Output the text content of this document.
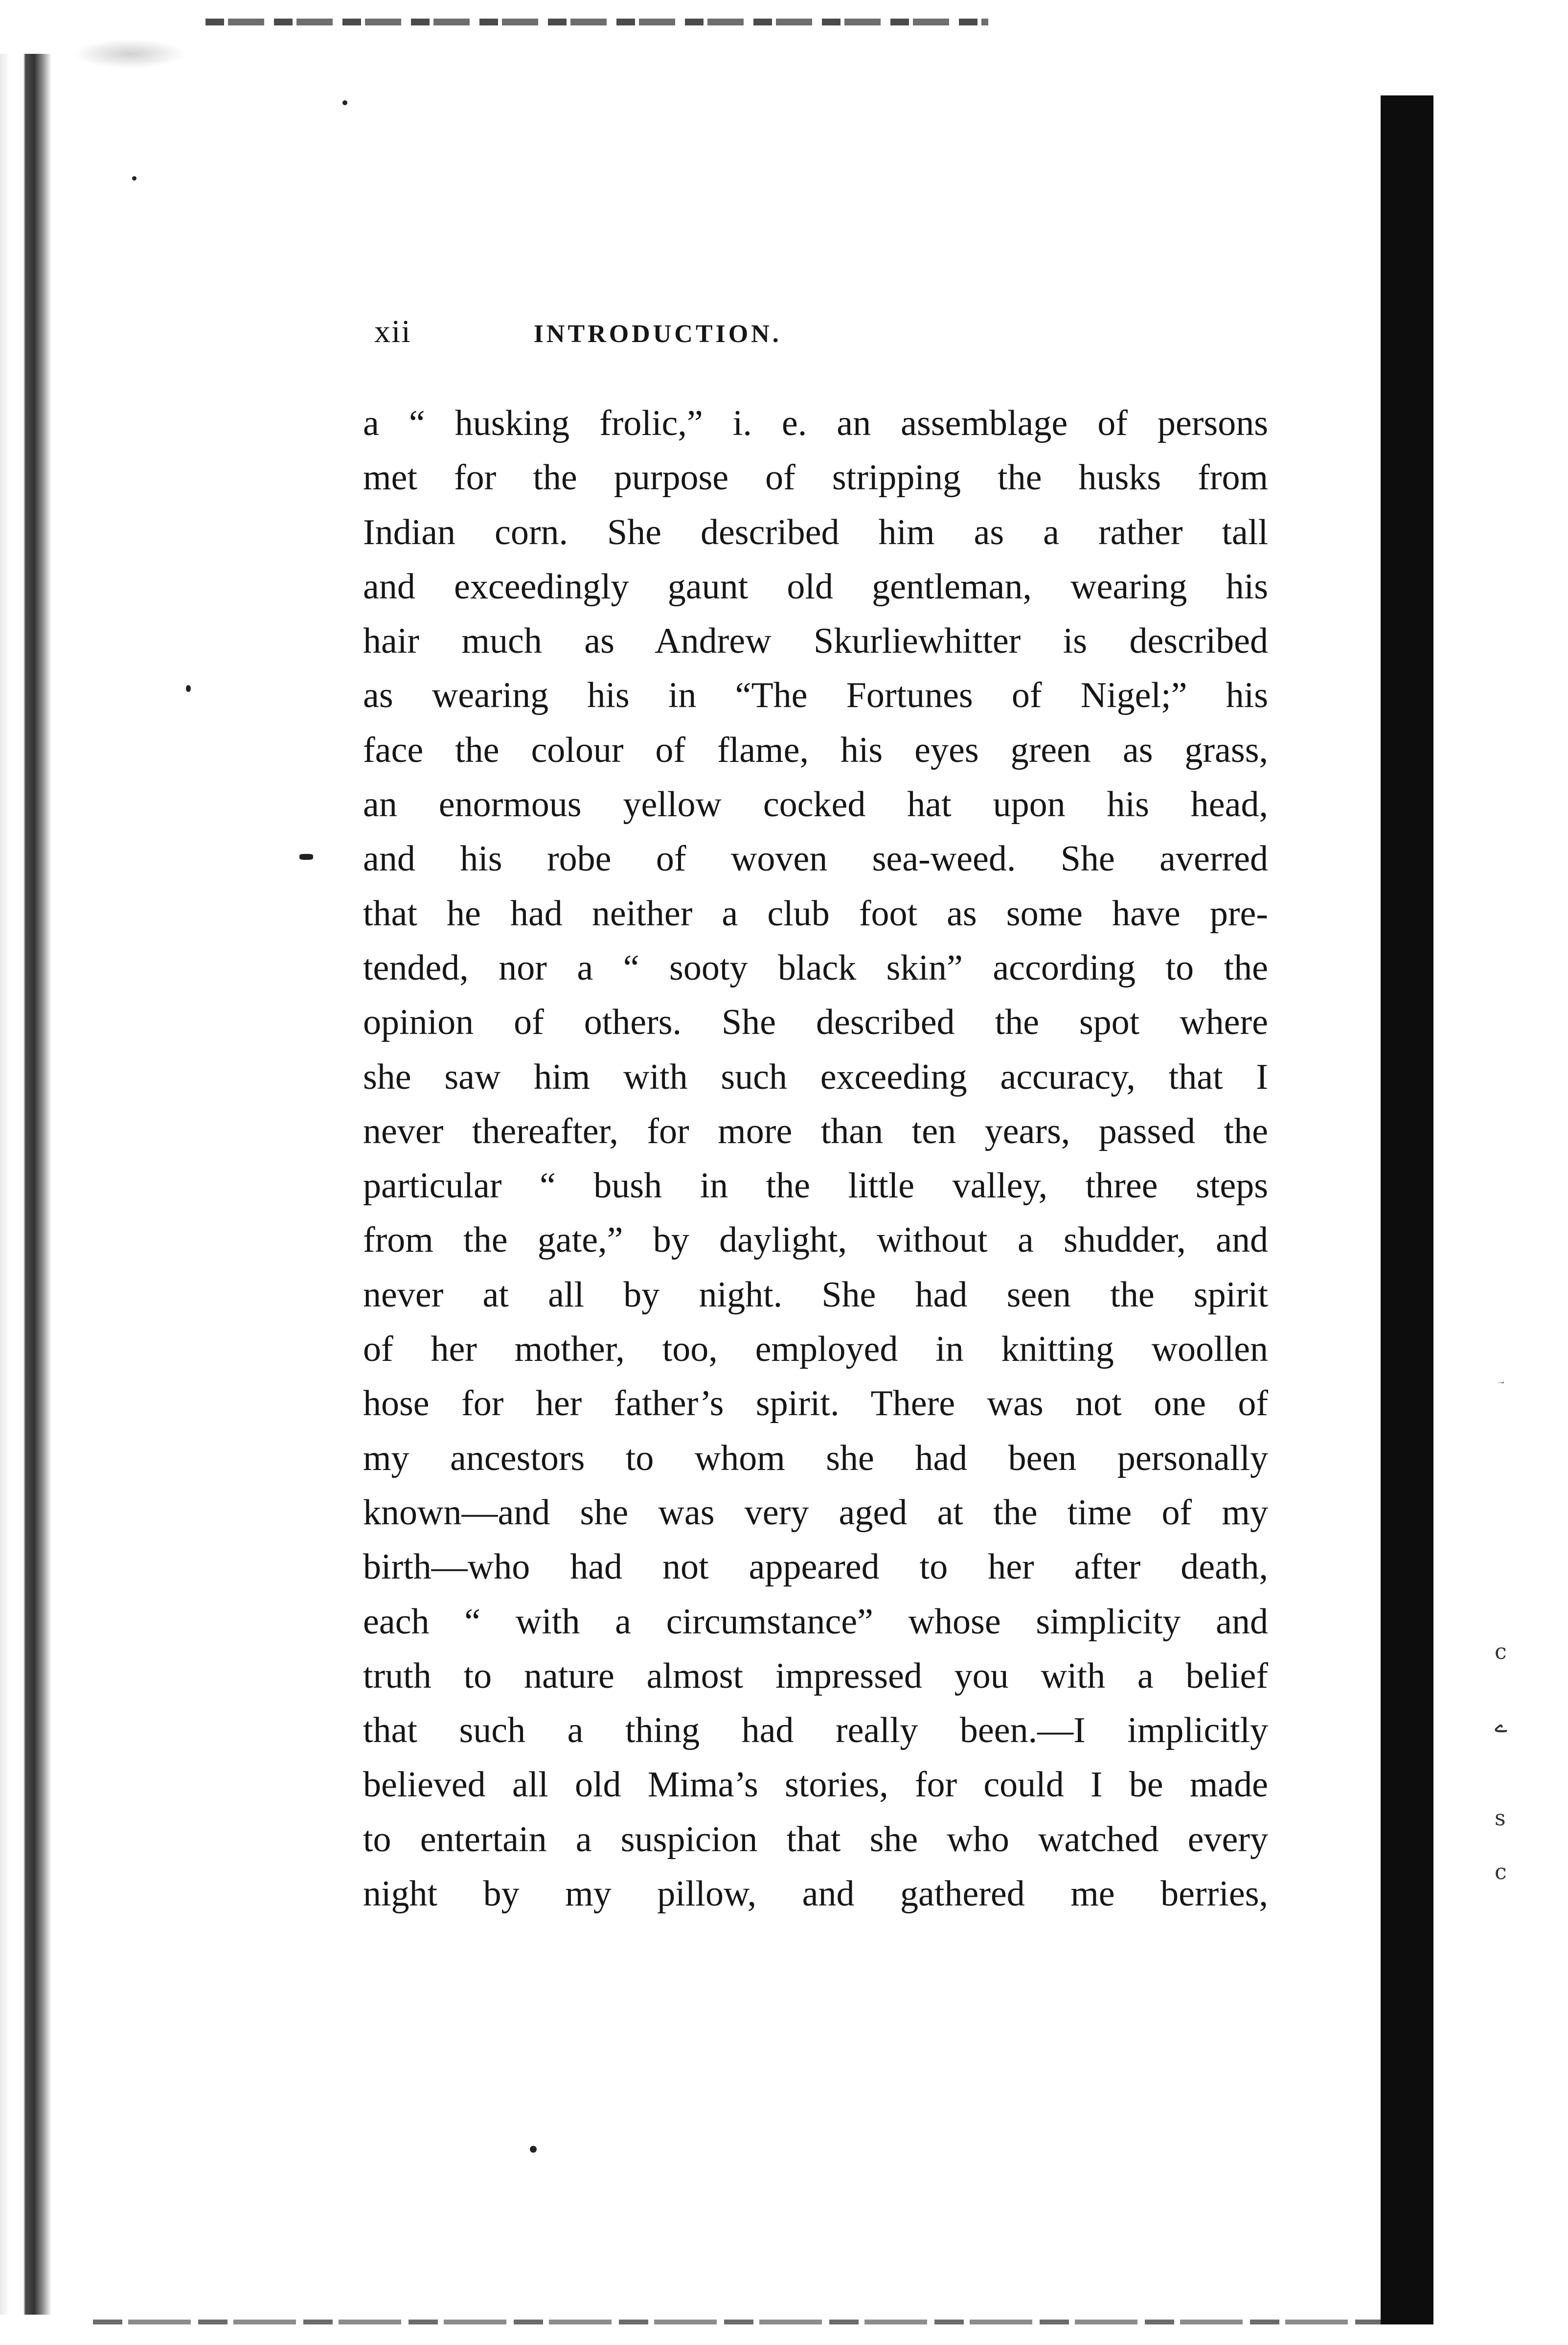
c
ے
s
c
xii	INTRODUCTION.
a “ husking frolic,” i. e. an assemblage of persons
met for the purpose of stripping the husks from
Indian corn. She described him as a rather tall
and exceedingly gaunt old gentleman, wearing his
hair much as Andrew Skurliewhitter is described
as wearing his in “The Fortunes of Nigel;” his
face the colour of flame, his eyes green as grass,
an enormous yellow cocked hat upon his head,
and his robe of woven sea-weed. She averred
that he had neither a club foot as some have pre-
tended, nor a “ sooty black skin” according to the
opinion of others. She described the spot where
she saw him with such exceeding accuracy, that I
never thereafter, for more than ten years, passed the
particular “ bush in the little valley, three steps
from the gate,” by daylight, without a shudder, and
never at all by night. She had seen the spirit
of her mother, too, employed in knitting woollen
hose for her father’s spirit. There was not one of
my ancestors to whom she had been personally
known—and she was very aged at the time of my
birth—who had not appeared to her after death,
each “ with a circumstance” whose simplicity and
truth to nature almost impressed you with a belief
that such a thing had really been.—I implicitly
believed all old Mima’s stories, for could I be made
to entertain a suspicion that she who watched every
night by my pillow, and gathered me berries,
